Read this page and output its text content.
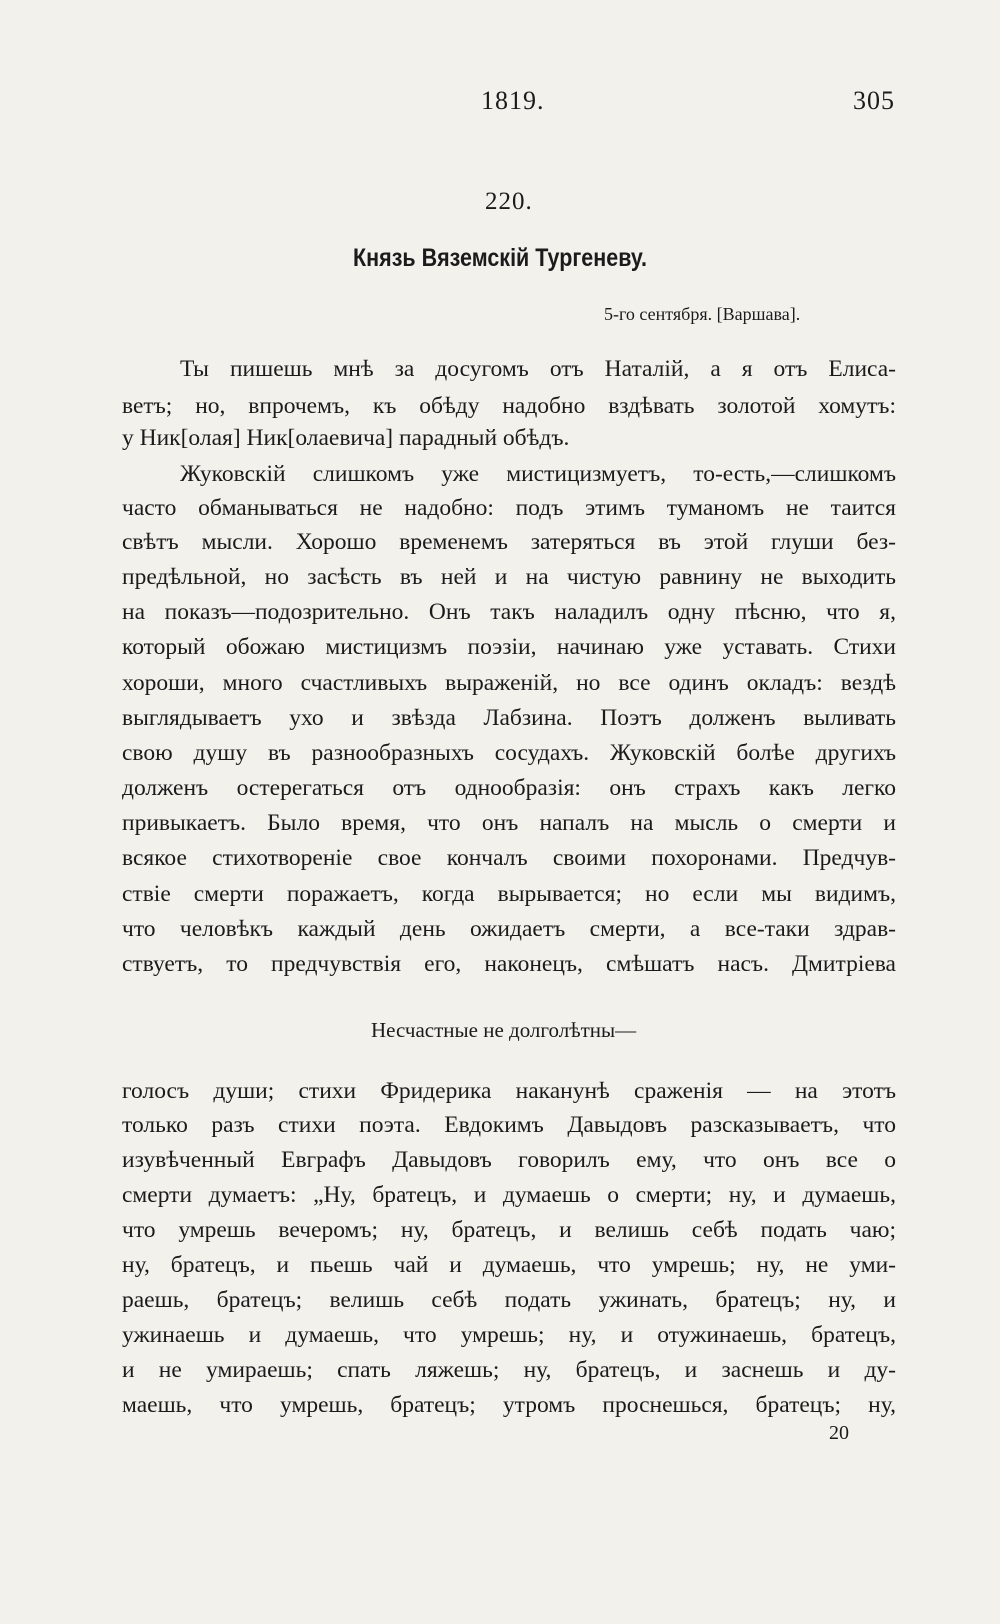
1819.	305
220.
Князь Вяземскій Тургеневу.
5-го сентября. [Варшава].
Ты пишешь мнѣ за досугомъ отъ Наталій, а я отъ Елиса-
ветъ; но, впрочемъ, къ обѣду надобно вздѣвать золотой хомутъ:
у Ник[олая] Ник[олаевича] парадный обѣдъ.
Жуковскій слишкомъ уже мистицизмуетъ, то-есть,—слишкомъ
часто обманываться не надобно: подъ этимъ туманомъ не таится
свѣтъ мысли. Хорошо временемъ затеряться въ этой глуши без-
предѣльной, но засѣсть въ ней и на чистую равнину не выходить
на показъ—подозрительно. Онъ такъ наладилъ одну пѣсню, что я,
который обожаю мистицизмъ поэзіи, начинаю уже уставать. Стихи
хороши, много счастливыхъ выраженій, но все одинъ окладъ: вездѣ
выглядываетъ ухо и звѣзда Лабзина. Поэтъ долженъ выливать
свою душу въ разнообразныхъ сосудахъ. Жуковскій болѣе другихъ
долженъ остерегаться отъ однообразія: онъ страхъ какъ легко
привыкаетъ. Было время, что онъ напалъ на мысль о смерти и
всякое стихотвореніе свое кончалъ своими похоронами. Предчув-
ствіе смерти поражаетъ, когда вырывается; но если мы видимъ,
что человѣкъ каждый день ожидаетъ смерти, а все-таки здрав-
ствуетъ, то предчувствія его, наконецъ, смѣшатъ насъ. Дмитріева
Несчастные не долголѣтны—
голосъ души; стихи Фридерика наканунѣ сраженія — на этотъ
только разъ стихи поэта. Евдокимъ Давыдовъ разсказываетъ, что
изувѣченный Евграфъ Давыдовъ говорилъ ему, что онъ все о
смерти думаетъ: „Ну, братецъ, и думаешь о смерти; ну, и думаешь,
что умрешь вечеромъ; ну, братецъ, и велишь себѣ подать чаю;
ну, братецъ, и пьешь чай и думаешь, что умрешь; ну, не уми-
раешь, братецъ; велишь себѣ подать ужинать, братецъ; ну, и
ужинаешь и думаешь, что умрешь; ну, и отужинаешь, братецъ,
и не умираешь; спать ляжешь; ну, братецъ, и заснешь и ду-
маешь, что умрешь, братецъ; утромъ проснешься, братецъ; ну,
20
